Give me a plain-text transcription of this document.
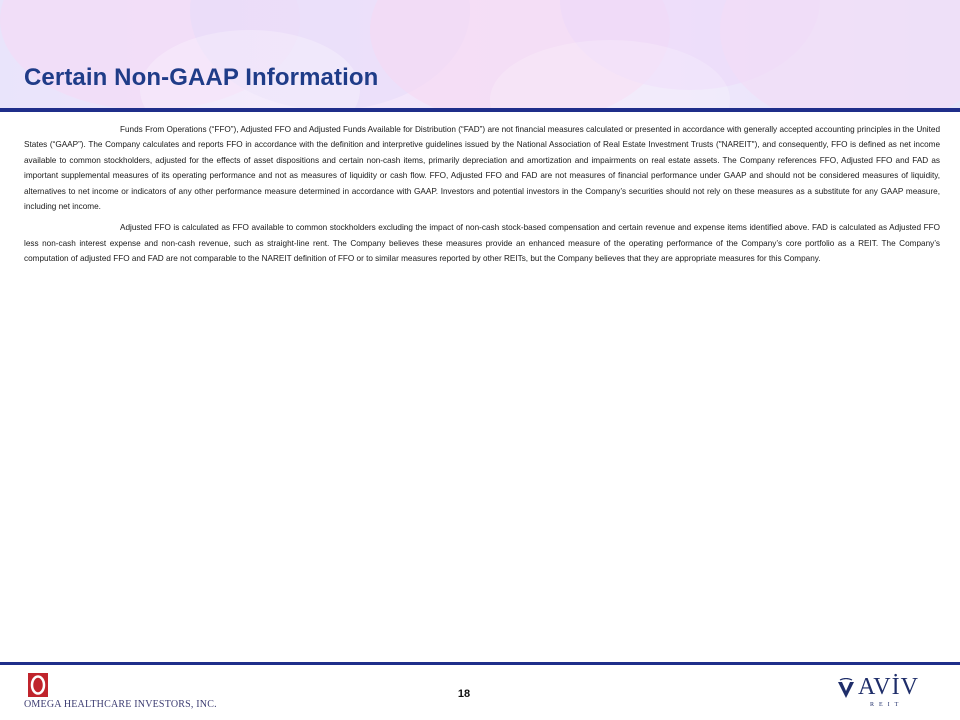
Certain Non-GAAP Information

Funds From Operations (“FFO”), Adjusted FFO and Adjusted Funds Available for Distribution (“FAD”) are not financial measures calculated or presented in accordance with generally accepted accounting principles in the United States (“GAAP”). The Company calculates and reports FFO in accordance with the definition and interpretive guidelines issued by the National Association of Real Estate Investment Trusts ("NAREIT"), and consequently, FFO is defined as net income available to common stockholders, adjusted for the effects of asset dispositions and certain non-cash items, primarily depreciation and amortization and impairments on real estate assets. The Company references FFO, Adjusted FFO and FAD as important supplemental measures of its operating performance and not as measures of liquidity or cash flow. FFO, Adjusted FFO and FAD are not measures of financial performance under GAAP and should not be considered measures of liquidity, alternatives to net income or indicators of any other performance measure determined in accordance with GAAP. Investors and potential investors in the Company’s securities should not rely on these measures as a substitute for any GAAP measure, including net income.

Adjusted FFO is calculated as FFO available to common stockholders excluding the impact of non-cash stock-based compensation and certain revenue and expense items identified above. FAD is calculated as Adjusted FFO less non-cash interest expense and non-cash revenue, such as straight-line rent. The Company believes these measures provide an enhanced measure of the operating performance of the Company’s core portfolio as a REIT. The Company’s computation of adjusted FFO and FAD are not comparable to the NAREIT definition of FFO or to similar measures reported by other REITs, but the Company believes that they are appropriate measures for this Company.

OMEGA HEALTHCARE INVESTORS, INC.
18	AVİV
REIT
